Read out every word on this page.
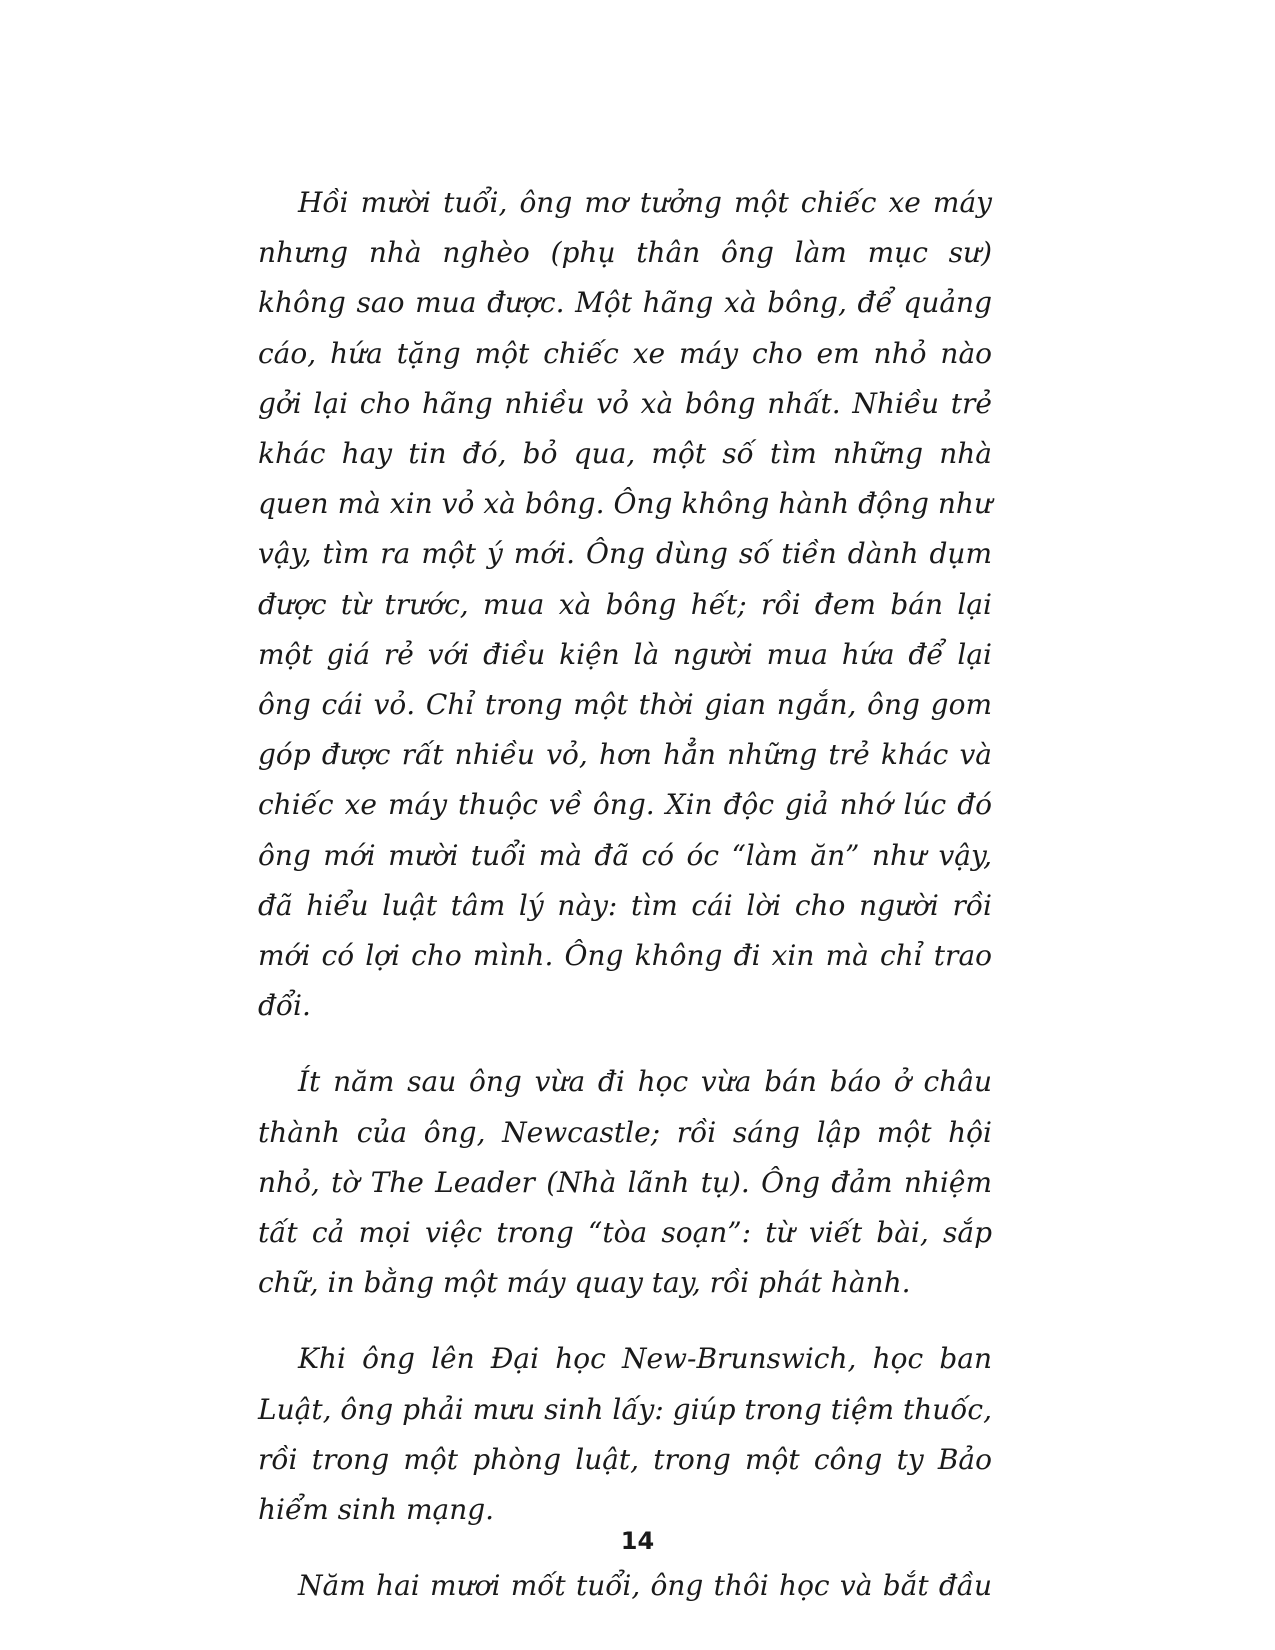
Hồi mười tuổi, ông mơ tưởng một chiếc xe máy nhưng nhà nghèo (phụ thân ông làm mục sư) không sao mua được. Một hãng xà bông, để quảng cáo, hứa tặng một chiếc xe máy cho em nhỏ nào gởi lại cho hãng nhiều vỏ xà bông nhất. Nhiều trẻ khác hay tin đó, bỏ qua, một số tìm những nhà quen mà xin vỏ xà bông. Ông không hành động như vậy, tìm ra một ý mới. Ông dùng số tiền dành dụm được từ trước, mua xà bông hết; rồi đem bán lại một giá rẻ với điều kiện là người mua hứa để lại ông cái vỏ. Chỉ trong một thời gian ngắn, ông gom góp được rất nhiều vỏ, hơn hẳn những trẻ khác và chiếc xe máy thuộc về ông. Xin độc giả nhớ lúc đó ông mới mười tuổi mà đã có óc “làm ăn” như vậy, đã hiểu luật tâm lý này: tìm cái lời cho người rồi mới có lợi cho mình. Ông không đi xin mà chỉ trao đổi.

Ít năm sau ông vừa đi học vừa bán báo ở châu thành của ông, Newcastle; rồi sáng lập một hội nhỏ, tờ The Leader (Nhà lãnh tụ). Ông đảm nhiệm tất cả mọi việc trong “tòa soạn”: từ viết bài, sắp chữ, in bằng một máy quay tay, rồi phát hành.

Khi ông lên Đại học New-Brunswich, học ban Luật, ông phải mưu sinh lấy: giúp trong tiệm thuốc, rồi trong một phòng luật, trong một công ty Bảo hiểm sinh mạng.

Năm hai mươi mốt tuổi, ông thôi học và bắt đầu

14
